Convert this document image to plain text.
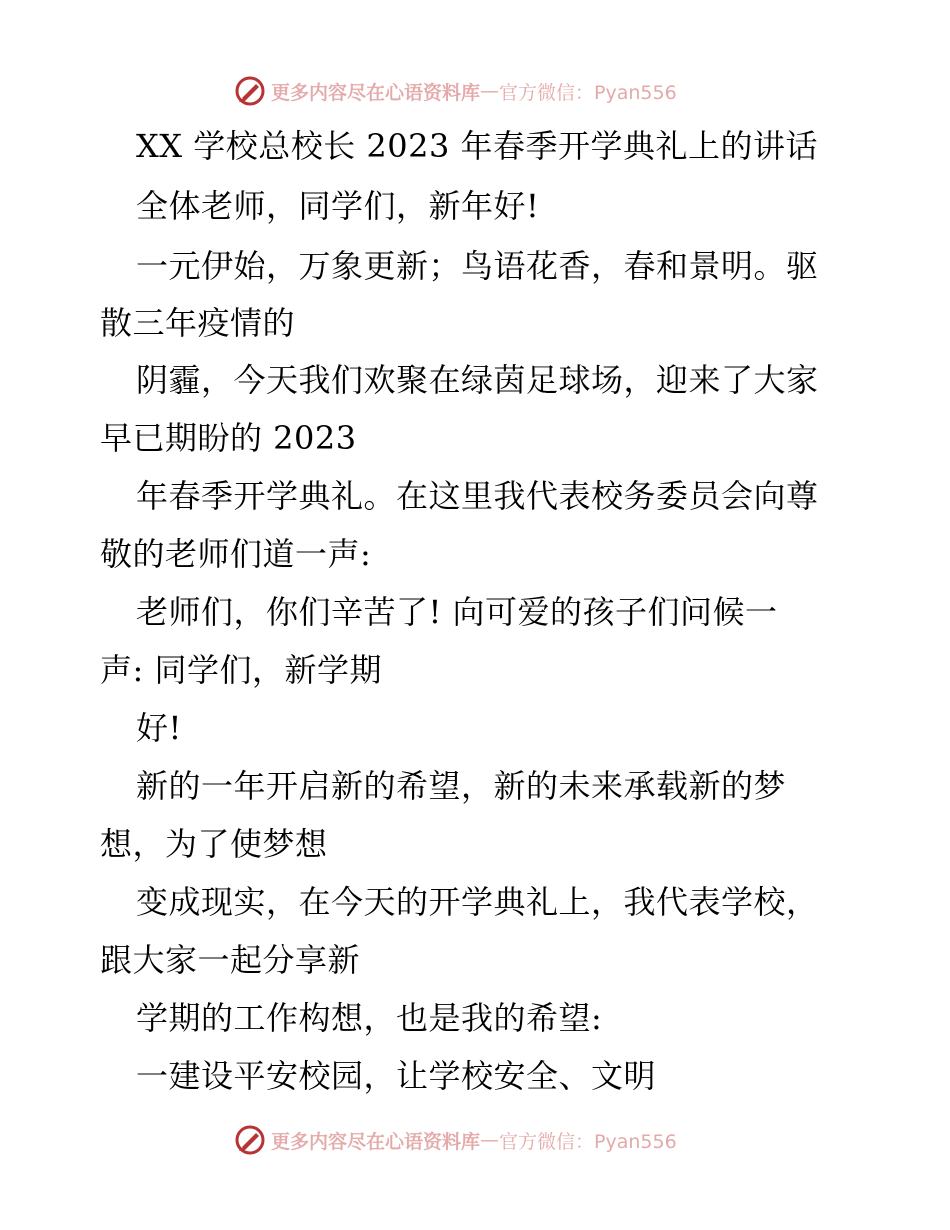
更多内容尽在心语资料库 — 官方微信：Pyan556
XX 学校总校长 2023 年春季开学典礼上的讲话
全体老师，同学们，新年好!
一元伊始，万象更新；鸟语花香，春和景明。驱
散三年疫情的
阴霾，今天我们欢聚在绿茵足球场，迎来了大家
早已期盼的 2023
年春季开学典礼。在这里我代表校务委员会向尊
敬的老师们道一声:
老师们，你们辛苦了! 向可爱的孩子们问候一
声: 同学们，新学期
好!
新的一年开启新的希望，新的未来承载新的梦
想，为了使梦想
变成现实，在今天的开学典礼上，我代表学校，
跟大家一起分享新
学期的工作构想，也是我的希望:
一建设平安校园，让学校安全、文明
更多内容尽在心语资料库 — 官方微信：Pyan556
